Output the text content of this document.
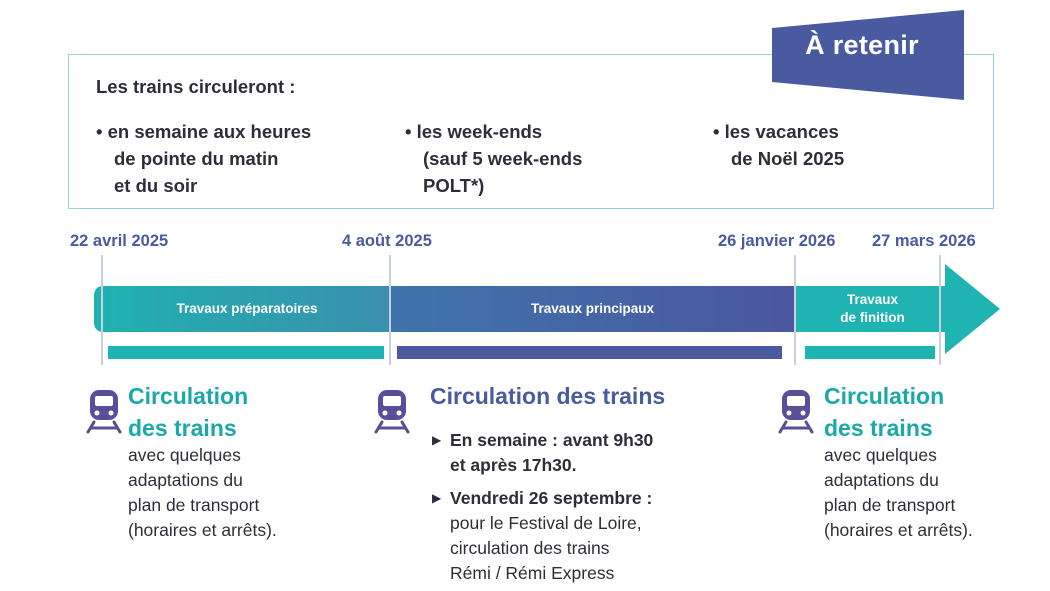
À retenir
Les trains circuleront :
• en semaine aux heures
de pointe du matin
et du soir
• les week-ends
(sauf 5 week-ends
POLT*)
• les vacances
de Noël 2025
22 avril 2025	4 août 2025	26 janvier 2026 27 mars 2026
Travaux préparatoires	Travaux principaux
Travaux
de finition
Circulation
des trains
avec quelques
adaptations du
plan de transport
(horaires et arrêts).
Circulation des trains
▶ En semaine : avant 9h30
et après 17h30.
▶ Vendredi 26 septembre :
pour le Festival de Loire,
circulation des trains
Rémi / Rémi Express
Circulation
des trains
avec quelques
adaptations du
plan de transport
(horaires et arrêts).
